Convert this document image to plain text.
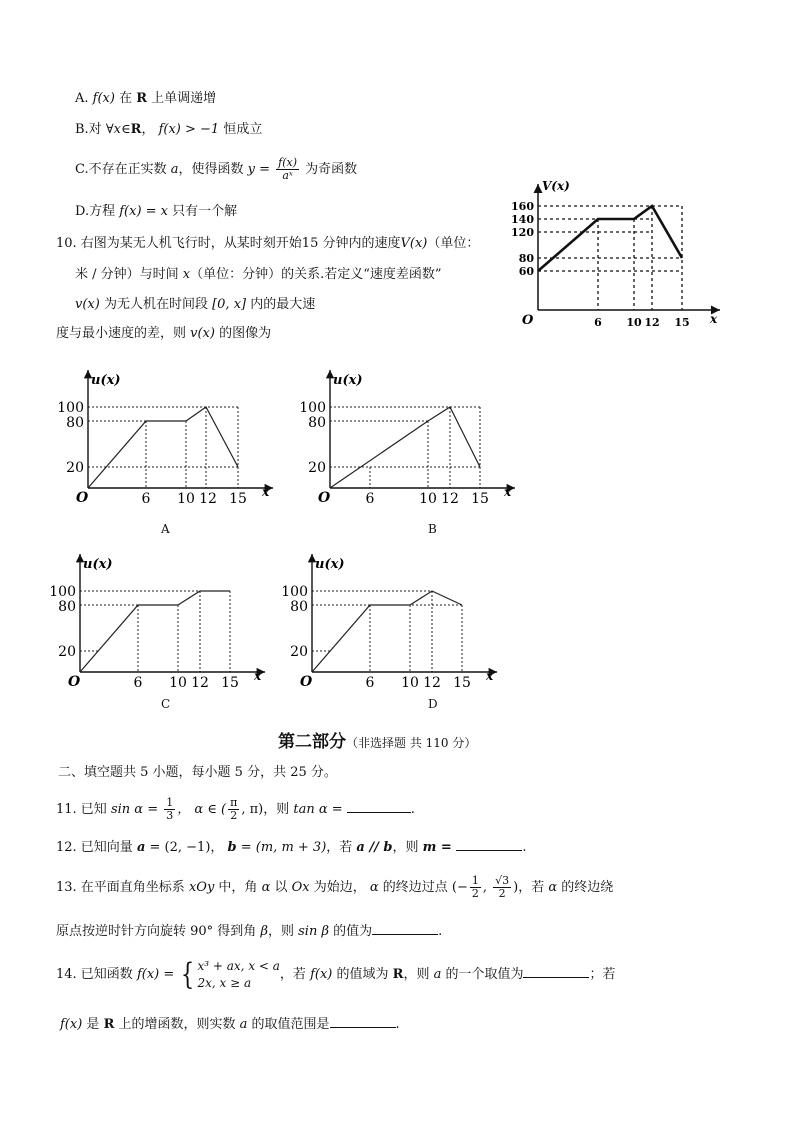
A. f(x) 在 R 上单调递增
B.对 ∀x∈R， f(x) > −1 恒成立
C.不存在正实数 a，使得函数 $y = \frac{f(x)}{\text{aˣ}}$ 为奇函数
D.方程 f(x) = x 只有一个解
10. 右图为某无人机飞行时，从某时刻开始15 分钟内的速度V(x)（单位：
米 / 分钟）与时间 x（单位：分钟）的关系.若定义“速度差函数”
v(x) 为无人机在时间段 [0, x] 内的最大速
度与最小速度的差，则 v(x) 的图像为
V(x)
x
O
160
140
120
80
60
6 10 12 15
u(x)
x
O
100
80
20
6 10 12 15
A
u(x)
x
O
100
80
20
6	10 12 15
B
u(x)
x
O
100
80
20
6 10 12 15
C
u(x)
x
O
100
80
20
6 10 12 15
D
第二部分（非选择题 共 110 分）
二、填空题共 5 小题，每小题 5 分，共 25 分。
11. 已知 $\sin \alpha = \frac{1}{3}$ ， α ∈ ( $\frac{\pi}{2}$ , π)，则 tan α =	.
12. 已知向量 a = (2, −1)， b = (m, m + 3)，若 a // b，则 m =	.
13. 在平面直角坐标系 xOy 中，角 α 以 Ox 为始边， α 的终边过点 (− $\frac{1}{2}$ , $\frac{√3}{2}$ )，若 α 的终边绕
原点按逆时针方向旋转 90° 得到角 β，则 sin β 的值为	.
14. 已知函数 f(x) = { x³ + ax, x < a
2x, x ≥ a
，若 f(x) 的值域为 R，则 a 的一个取值为	；若
f(x) 是 R 上的增函数，则实数 a 的取值范围是	.
